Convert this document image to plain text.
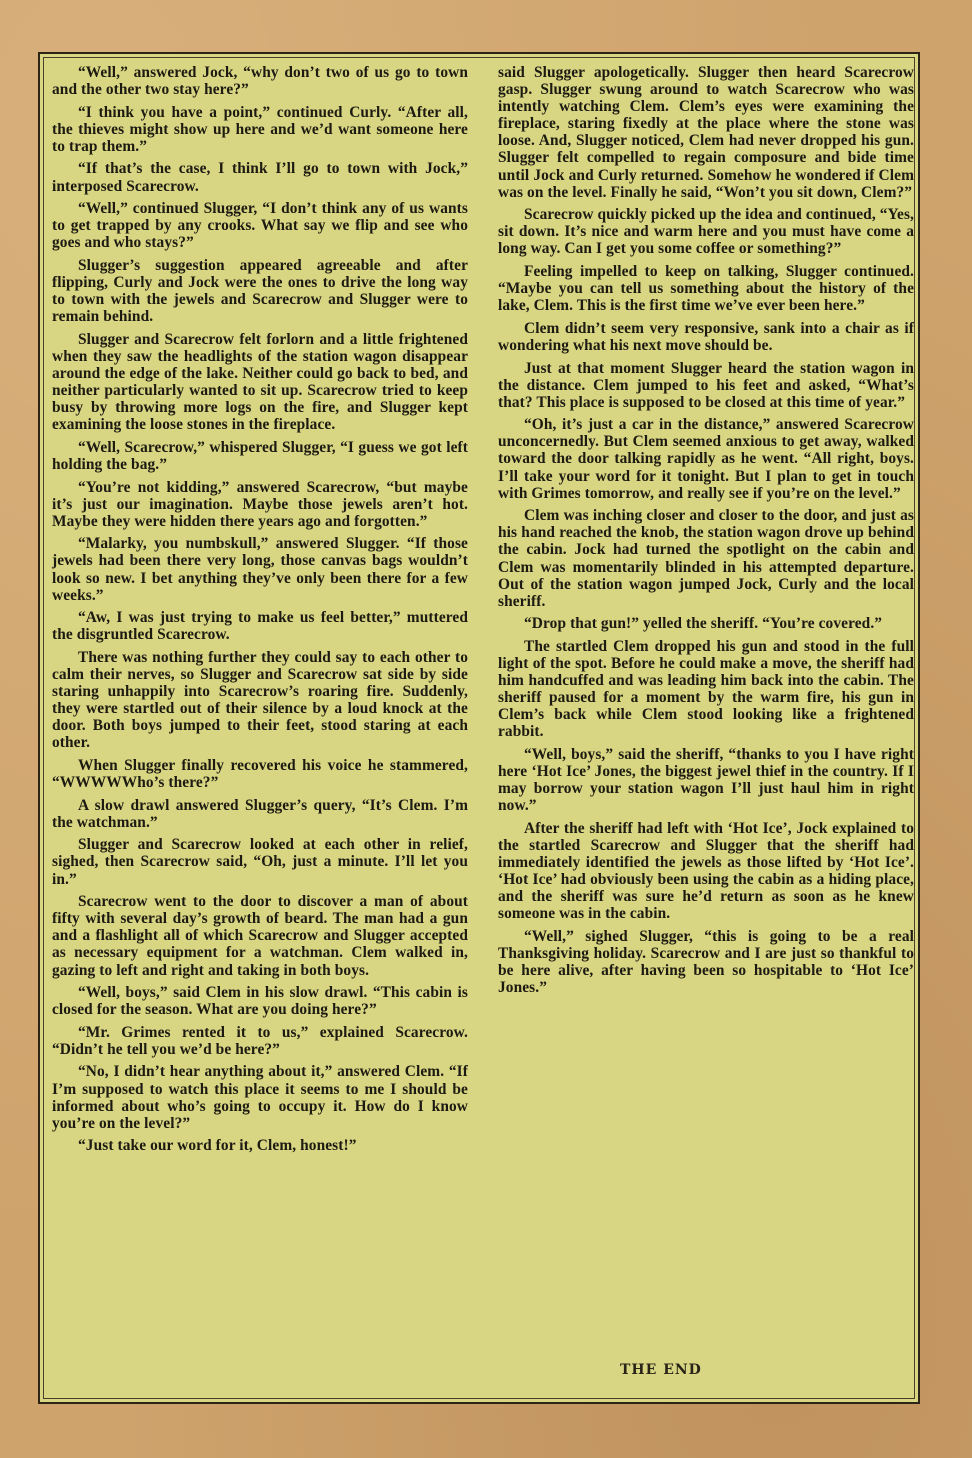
“Well,” answered Jock, “why don’t two of us go to town and the other two stay here?”

“I think you have a point,” continued Curly. “After all, the thieves might show up here and we’d want someone here to trap them.”

“If that’s the case, I think I’ll go to town with Jock,” interposed Scarecrow.

“Well,” continued Slugger, “I don’t think any of us wants to get trapped by any crooks. What say we flip and see who goes and who stays?”

Slugger’s suggestion appeared agreeable and after flipping, Curly and Jock were the ones to drive the long way to town with the jewels and Scarecrow and Slugger were to remain behind.

Slugger and Scarecrow felt forlorn and a little frightened when they saw the headlights of the station wagon disappear around the edge of the lake. Neither could go back to bed, and neither particularly wanted to sit up. Scarecrow tried to keep busy by throwing more logs on the fire, and Slugger kept examining the loose stones in the fireplace.

“Well, Scarecrow,” whispered Slugger, “I guess we got left holding the bag.”

“You’re not kidding,” answered Scarecrow, “but maybe it’s just our imagination. Maybe those jewels aren’t hot. Maybe they were hidden there years ago and forgotten.”

“Malarky, you numbskull,” answered Slugger. “If those jewels had been there very long, those canvas bags wouldn’t look so new. I bet anything they’ve only been there for a few weeks.”

“Aw, I was just trying to make us feel better,” muttered the disgruntled Scarecrow.

There was nothing further they could say to each other to calm their nerves, so Slugger and Scarecrow sat side by side staring unhappily into Scarecrow’s roaring fire. Suddenly, they were startled out of their silence by a loud knock at the door. Both boys jumped to their feet, stood staring at each other.

When Slugger finally recovered his voice he stammered, “WWWWWho’s there?”

A slow drawl answered Slugger’s query, “It’s Clem. I’m the watchman.”

Slugger and Scarecrow looked at each other in relief, sighed, then Scarecrow said, “Oh, just a minute. I’ll let you in.”

Scarecrow went to the door to discover a man of about fifty with several day’s growth of beard. The man had a gun and a flashlight all of which Scarecrow and Slugger accepted as necessary equipment for a watchman. Clem walked in, gazing to left and right and taking in both boys.

“Well, boys,” said Clem in his slow drawl. “This cabin is closed for the season. What are you doing here?”

“Mr. Grimes rented it to us,” explained Scarecrow. “Didn’t he tell you we’d be here?”

“No, I didn’t hear anything about it,” answered Clem. “If I’m supposed to watch this place it seems to me I should be informed about who’s going to occupy it. How do I know you’re on the level?”

“Just take our word for it, Clem, honest!”

said Slugger apologetically. Slugger then heard Scarecrow gasp. Slugger swung around to watch Scarecrow who was intently watching Clem. Clem’s eyes were examining the fireplace, staring fixedly at the place where the stone was loose. And, Slugger noticed, Clem had never dropped his gun. Slugger felt compelled to regain composure and bide time until Jock and Curly returned. Somehow he wondered if Clem was on the level. Finally he said, “Won’t you sit down, Clem?”

Scarecrow quickly picked up the idea and continued, “Yes, sit down. It’s nice and warm here and you must have come a long way. Can I get you some coffee or something?”

Feeling impelled to keep on talking, Slugger continued. “Maybe you can tell us something about the history of the lake, Clem. This is the first time we’ve ever been here.”

Clem didn’t seem very responsive, sank into a chair as if wondering what his next move should be.

Just at that moment Slugger heard the station wagon in the distance. Clem jumped to his feet and asked, “What’s that? This place is supposed to be closed at this time of year.”

“Oh, it’s just a car in the distance,” answered Scarecrow unconcernedly. But Clem seemed anxious to get away, walked toward the door talking rapidly as he went. “All right, boys. I’ll take your word for it tonight. But I plan to get in touch with Grimes tomorrow, and really see if you’re on the level.”

Clem was inching closer and closer to the door, and just as his hand reached the knob, the station wagon drove up behind the cabin. Jock had turned the spotlight on the cabin and Clem was momentarily blinded in his attempted departure. Out of the station wagon jumped Jock, Curly and the local sheriff.

“Drop that gun!” yelled the sheriff. “You’re covered.”

The startled Clem dropped his gun and stood in the full light of the spot. Before he could make a move, the sheriff had him handcuffed and was leading him back into the cabin. The sheriff paused for a moment by the warm fire, his gun in Clem’s back while Clem stood looking like a frightened rabbit.

“Well, boys,” said the sheriff, “thanks to you I have right here ‘Hot Ice’ Jones, the biggest jewel thief in the country. If I may borrow your station wagon I’ll just haul him in right now.”

After the sheriff had left with ‘Hot Ice’, Jock explained to the startled Scarecrow and Slugger that the sheriff had immediately identified the jewels as those lifted by ‘Hot Ice’. ‘Hot Ice’ had obviously been using the cabin as a hiding place, and the sheriff was sure he’d return as soon as he knew someone was in the cabin.

“Well,” sighed Slugger, “this is going to be a real Thanksgiving holiday. Scarecrow and I are just so thankful to be here alive, after having been so hospitable to ‘Hot Ice’ Jones.”

THE END
